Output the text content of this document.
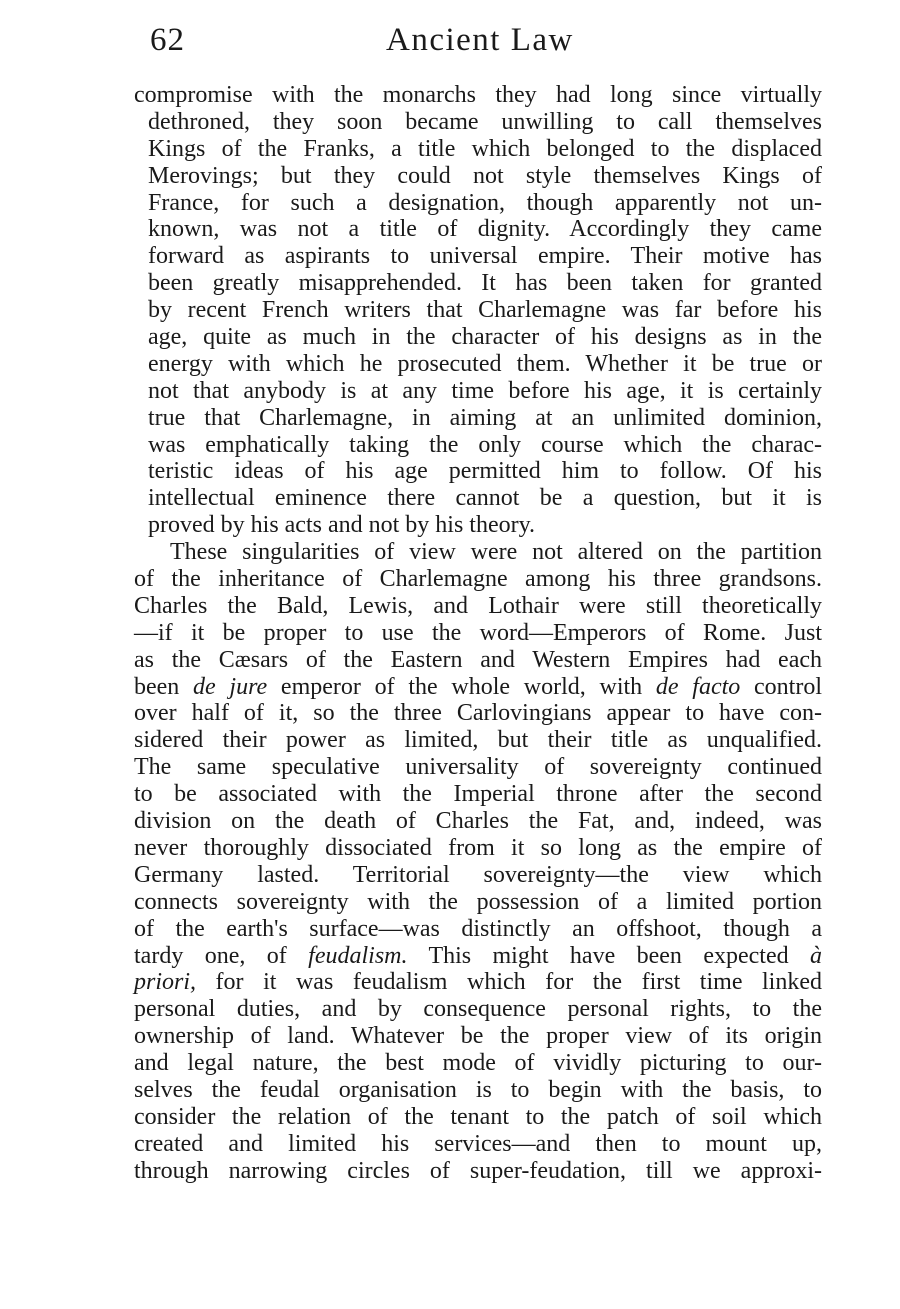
62	Ancient Law
compromise with the monarchs they had long since virtually
dethroned, they soon became unwilling to call themselves
Kings of the Franks, a title which belonged to the displaced
Merovings; but they could not style themselves Kings of
France, for such a designation, though apparently not un-
known, was not a title of dignity. Accordingly they came
forward as aspirants to universal empire. Their motive has
been greatly misapprehended. It has been taken for granted
by recent French writers that Charlemagne was far before his
age, quite as much in the character of his designs as in the
energy with which he prosecuted them. Whether it be true or
not that anybody is at any time before his age, it is certainly
true that Charlemagne, in aiming at an unlimited dominion,
was emphatically taking the only course which the charac-
teristic ideas of his age permitted him to follow. Of his
intellectual eminence there cannot be a question, but it is
proved by his acts and not by his theory.
These singularities of view were not altered on the partition
of the inheritance of Charlemagne among his three grandsons.
Charles the Bald, Lewis, and Lothair were still theoretically
—if it be proper to use the word—Emperors of Rome. Just
as the Cæsars of the Eastern and Western Empires had each
been de jure emperor of the whole world, with de facto control
over half of it, so the three Carlovingians appear to have con-
sidered their power as limited, but their title as unqualified.
The same speculative universality of sovereignty continued
to be associated with the Imperial throne after the second
division on the death of Charles the Fat, and, indeed, was
never thoroughly dissociated from it so long as the empire of
Germany lasted. Territorial sovereignty—the view which
connects sovereignty with the possession of a limited portion
of the earth's surface—was distinctly an offshoot, though a
tardy one, of feudalism. This might have been expected à
priori, for it was feudalism which for the first time linked
personal duties, and by consequence personal rights, to the
ownership of land. Whatever be the proper view of its origin
and legal nature, the best mode of vividly picturing to our-
selves the feudal organisation is to begin with the basis, to
consider the relation of the tenant to the patch of soil which
created and limited his services—and then to mount up,
through narrowing circles of super-feudation, till we approxi-
